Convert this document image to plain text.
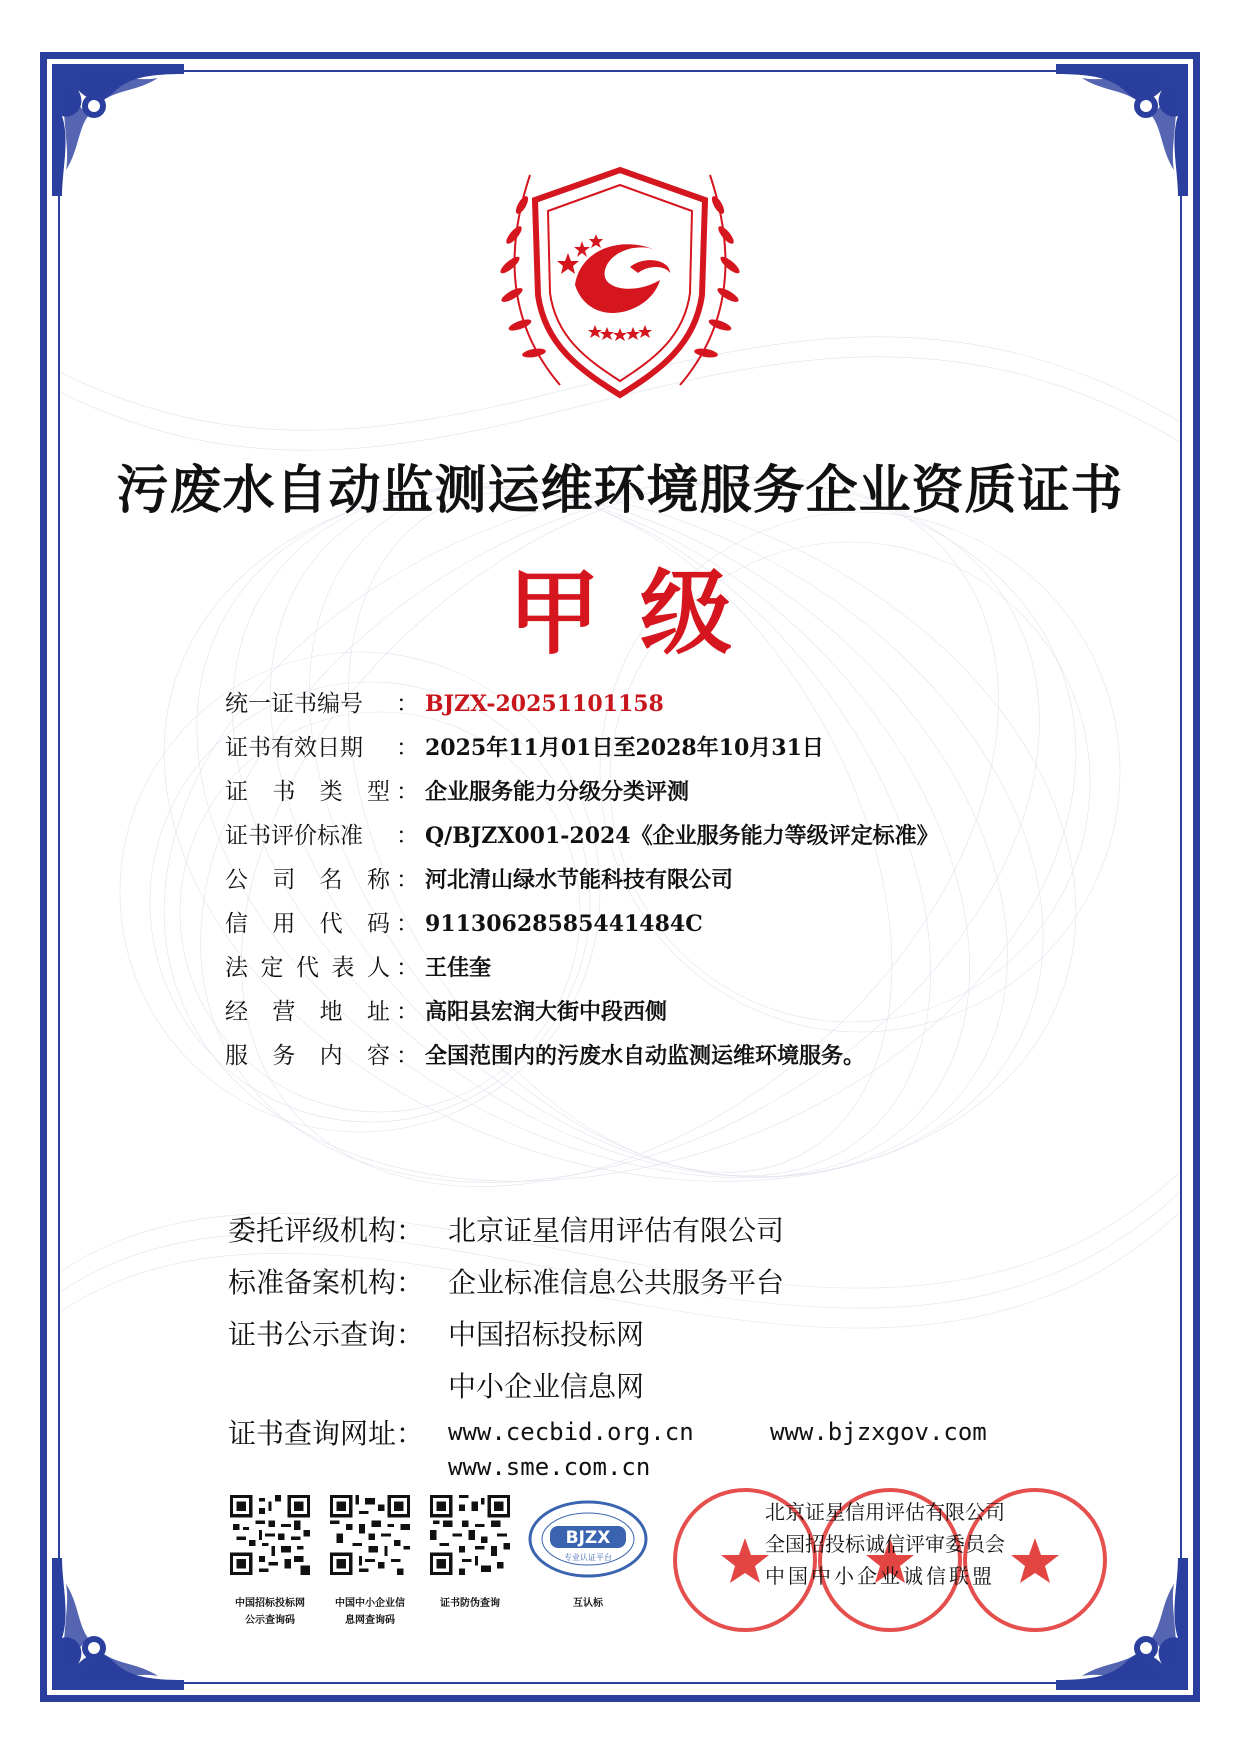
污废水自动监测运维环境服务企业资质证书
甲级
统一证书编号 ： BJZX-20251101158
证书有效日期 ： 2025年11月01日至2028年10月31日
证 书 类 型 ： 企业服务能力分级分类评测
证书评价标准 ： Q/BJZX001-2024《企业服务能力等级评定标准》
公 司 名 称 ： 河北清山绿水节能科技有限公司
信 用 代 码 ： 91130628585441484C
法 定 代 表 人 ： 王佳奎
经 营 地 址 ： 高阳县宏润大街中段西侧
服 务 内 容 ： 全国范围内的污废水自动监测运维环境服务。
委托评级机构： 北京证星信用评估有限公司
标准备案机构： 企业标准信息公共服务平台
证书公示查询： 中国招标投标网
中小企业信息网
证书查询网址： www.cecbid.org.cn	www.bjzxgov.com
www.sme.com.cn
中国招标投标网
公示查询码
中国中小企业信
息网查询码
证书防伪查询
BJZX
专业认证平台
互认标
北京证星信用评估有限公司
全国招投标诚信评审委员会
中国中小企业诚信联盟
